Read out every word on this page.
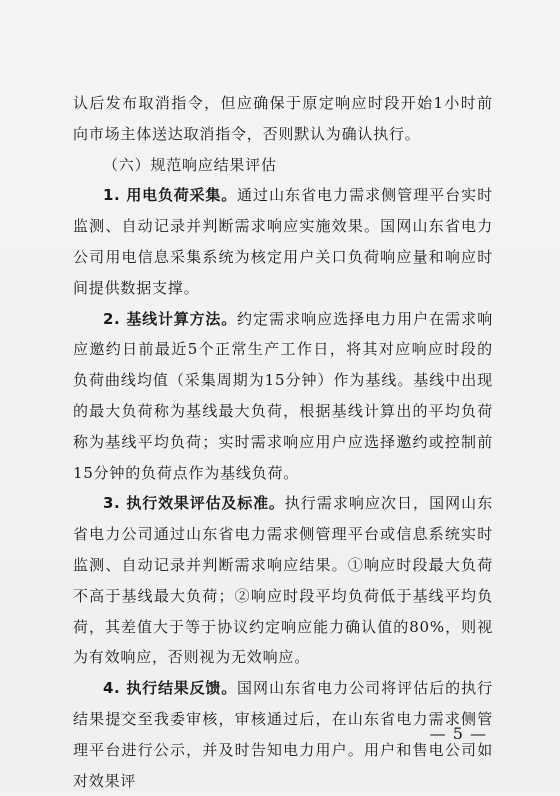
认后发布取消指令，但应确保于原定响应时段开始1小时前向市场主体送达取消指令，否则默认为确认执行。

（六）规范响应结果评估

1. 用电负荷采集。通过山东省电力需求侧管理平台实时监测、自动记录并判断需求响应实施效果。国网山东省电力公司用电信息采集系统为核定用户关口负荷响应量和响应时间提供数据支撑。

2. 基线计算方法。约定需求响应选择电力用户在需求响应邀约日前最近5个正常生产工作日，将其对应响应时段的负荷曲线均值（采集周期为15分钟）作为基线。基线中出现的最大负荷称为基线最大负荷，根据基线计算出的平均负荷称为基线平均负荷；实时需求响应用户应选择邀约或控制前15分钟的负荷点作为基线负荷。

3. 执行效果评估及标准。执行需求响应次日，国网山东省电力公司通过山东省电力需求侧管理平台或信息系统实时监测、自动记录并判断需求响应结果。①响应时段最大负荷不高于基线最大负荷；②响应时段平均负荷低于基线平均负荷，其差值大于等于协议约定响应能力确认值的80%，则视为有效响应，否则视为无效响应。

4. 执行结果反馈。国网山东省电力公司将评估后的执行结果提交至我委审核，审核通过后，在山东省电力需求侧管理平台进行公示，并及时告知电力用户。用户和售电公司如对效果评

— 5 —
